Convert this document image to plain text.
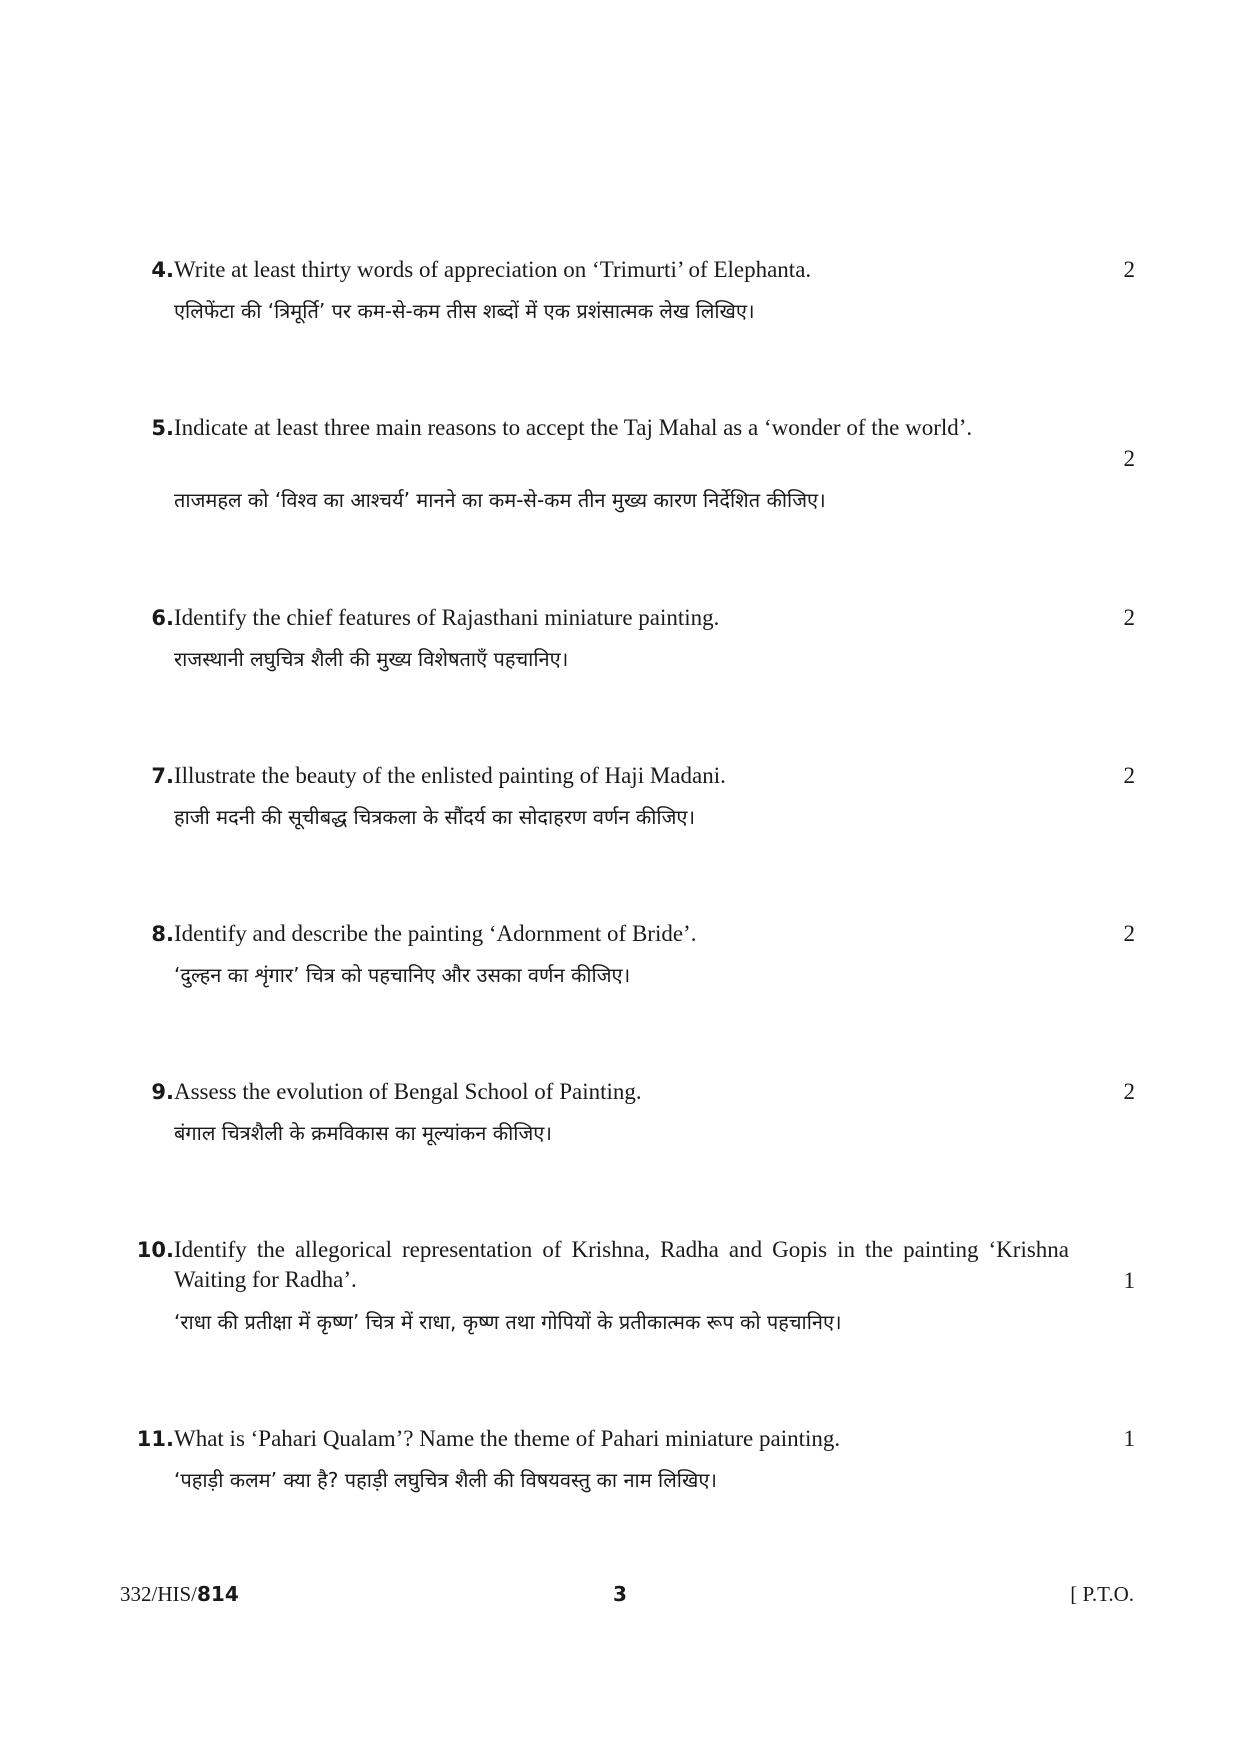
4. Write at least thirty words of appreciation on ‘Trimurti’ of Elephanta.	2
एलिफेंटा की ‘त्रिमूर्ति’ पर कम-से-कम तीस शब्दों में एक प्रशंसात्मक लेख लिखिए।
5. Indicate at least three main reasons to accept the Taj Mahal as a ‘wonder of the world’.
2
ताजमहल को ‘विश्व का आश्चर्य’ मानने का कम-से-कम तीन मुख्य कारण निर्देशित कीजिए।
6. Identify the chief features of Rajasthani miniature painting.	2
राजस्थानी लघुचित्र शैली की मुख्य विशेषताएँ पहचानिए।
7. Illustrate the beauty of the enlisted painting of Haji Madani.	2
हाजी मदनी की सूचीबद्ध चित्रकला के सौंदर्य का सोदाहरण वर्णन कीजिए।
8. Identify and describe the painting ‘Adornment of Bride’.	2
‘दुल्हन का शृंगार’ चित्र को पहचानिए और उसका वर्णन कीजिए।
9. Assess the evolution of Bengal School of Painting.	2
बंगाल चित्रशैली के क्रमविकास का मूल्यांकन कीजिए।
10. Identify the allegorical representation of Krishna, Radha and Gopis in the painting ‘Krishna Waiting for Radha’.	1
‘राधा की प्रतीक्षा में कृष्ण’ चित्र में राधा, कृष्ण तथा गोपियों के प्रतीकात्मक रूप को पहचानिए।
11. What is ‘Pahari Qualam’? Name the theme of Pahari miniature painting.	1
‘पहाड़ी कलम’ क्या है? पहाड़ी लघुचित्र शैली की विषयवस्तु का नाम लिखिए।
332/HIS/814	3	[ P.T.O.
